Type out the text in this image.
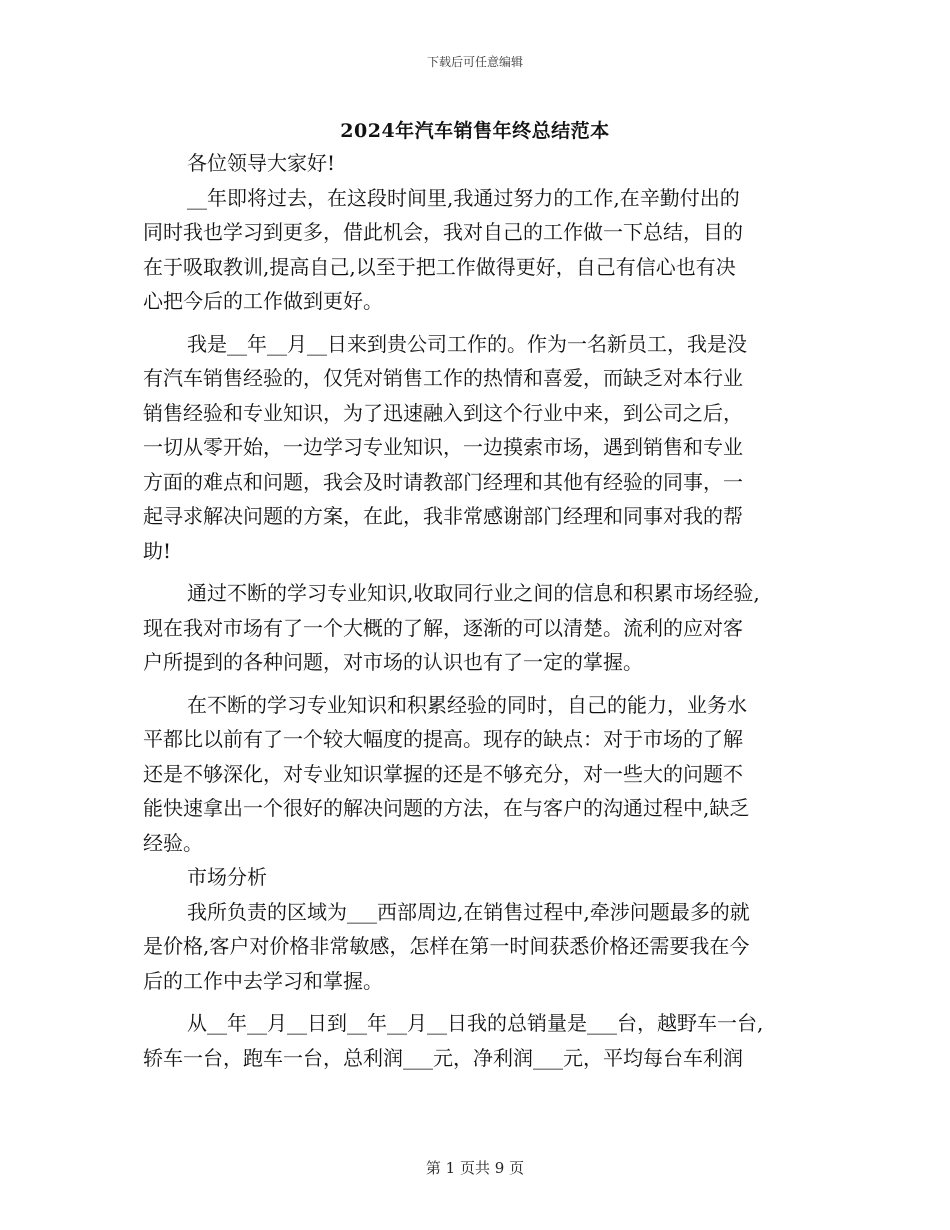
下载后可任意编辑
2024年汽车销售年终总结范本
各位领导大家好!
__年即将过去，在这段时间里,我通过努力的工作,在辛勤付出的
同时我也学习到更多，借此机会，我对自己的工作做一下总结，目的
在于吸取教训,提高自己,以至于把工作做得更好，自己有信心也有决
心把今后的工作做到更好。
我是__年__月__日来到贵公司工作的。作为一名新员工，我是没
有汽车销售经验的，仅凭对销售工作的热情和喜爱，而缺乏对本行业
销售经验和专业知识，为了迅速融入到这个行业中来，到公司之后，
一切从零开始，一边学习专业知识，一边摸索市场，遇到销售和专业
方面的难点和问题，我会及时请教部门经理和其他有经验的同事，一
起寻求解决问题的方案，在此，我非常感谢部门经理和同事对我的帮
助!
通过不断的学习专业知识,收取同行业之间的信息和积累市场经验,
现在我对市场有了一个大概的了解，逐渐的可以清楚。流利的应对客
户所提到的各种问题，对市场的认识也有了一定的掌握。
在不断的学习专业知识和积累经验的同时，自己的能力，业务水
平都比以前有了一个较大幅度的提高。现存的缺点：对于市场的了解
还是不够深化，对专业知识掌握的还是不够充分，对一些大的问题不
能快速拿出一个很好的解决问题的方法，在与客户的沟通过程中,缺乏
经验。
市场分析
我所负责的区域为___西部周边,在销售过程中,牵涉问题最多的就
是价格,客户对价格非常敏感，怎样在第一时间获悉价格还需要我在今
后的工作中去学习和掌握。
从__年__月__日到__年__月__日我的总销量是___台，越野车一台,
轿车一台，跑车一台，总利润___元，净利润___元，平均每台车利润
第 1 页共 9 页
